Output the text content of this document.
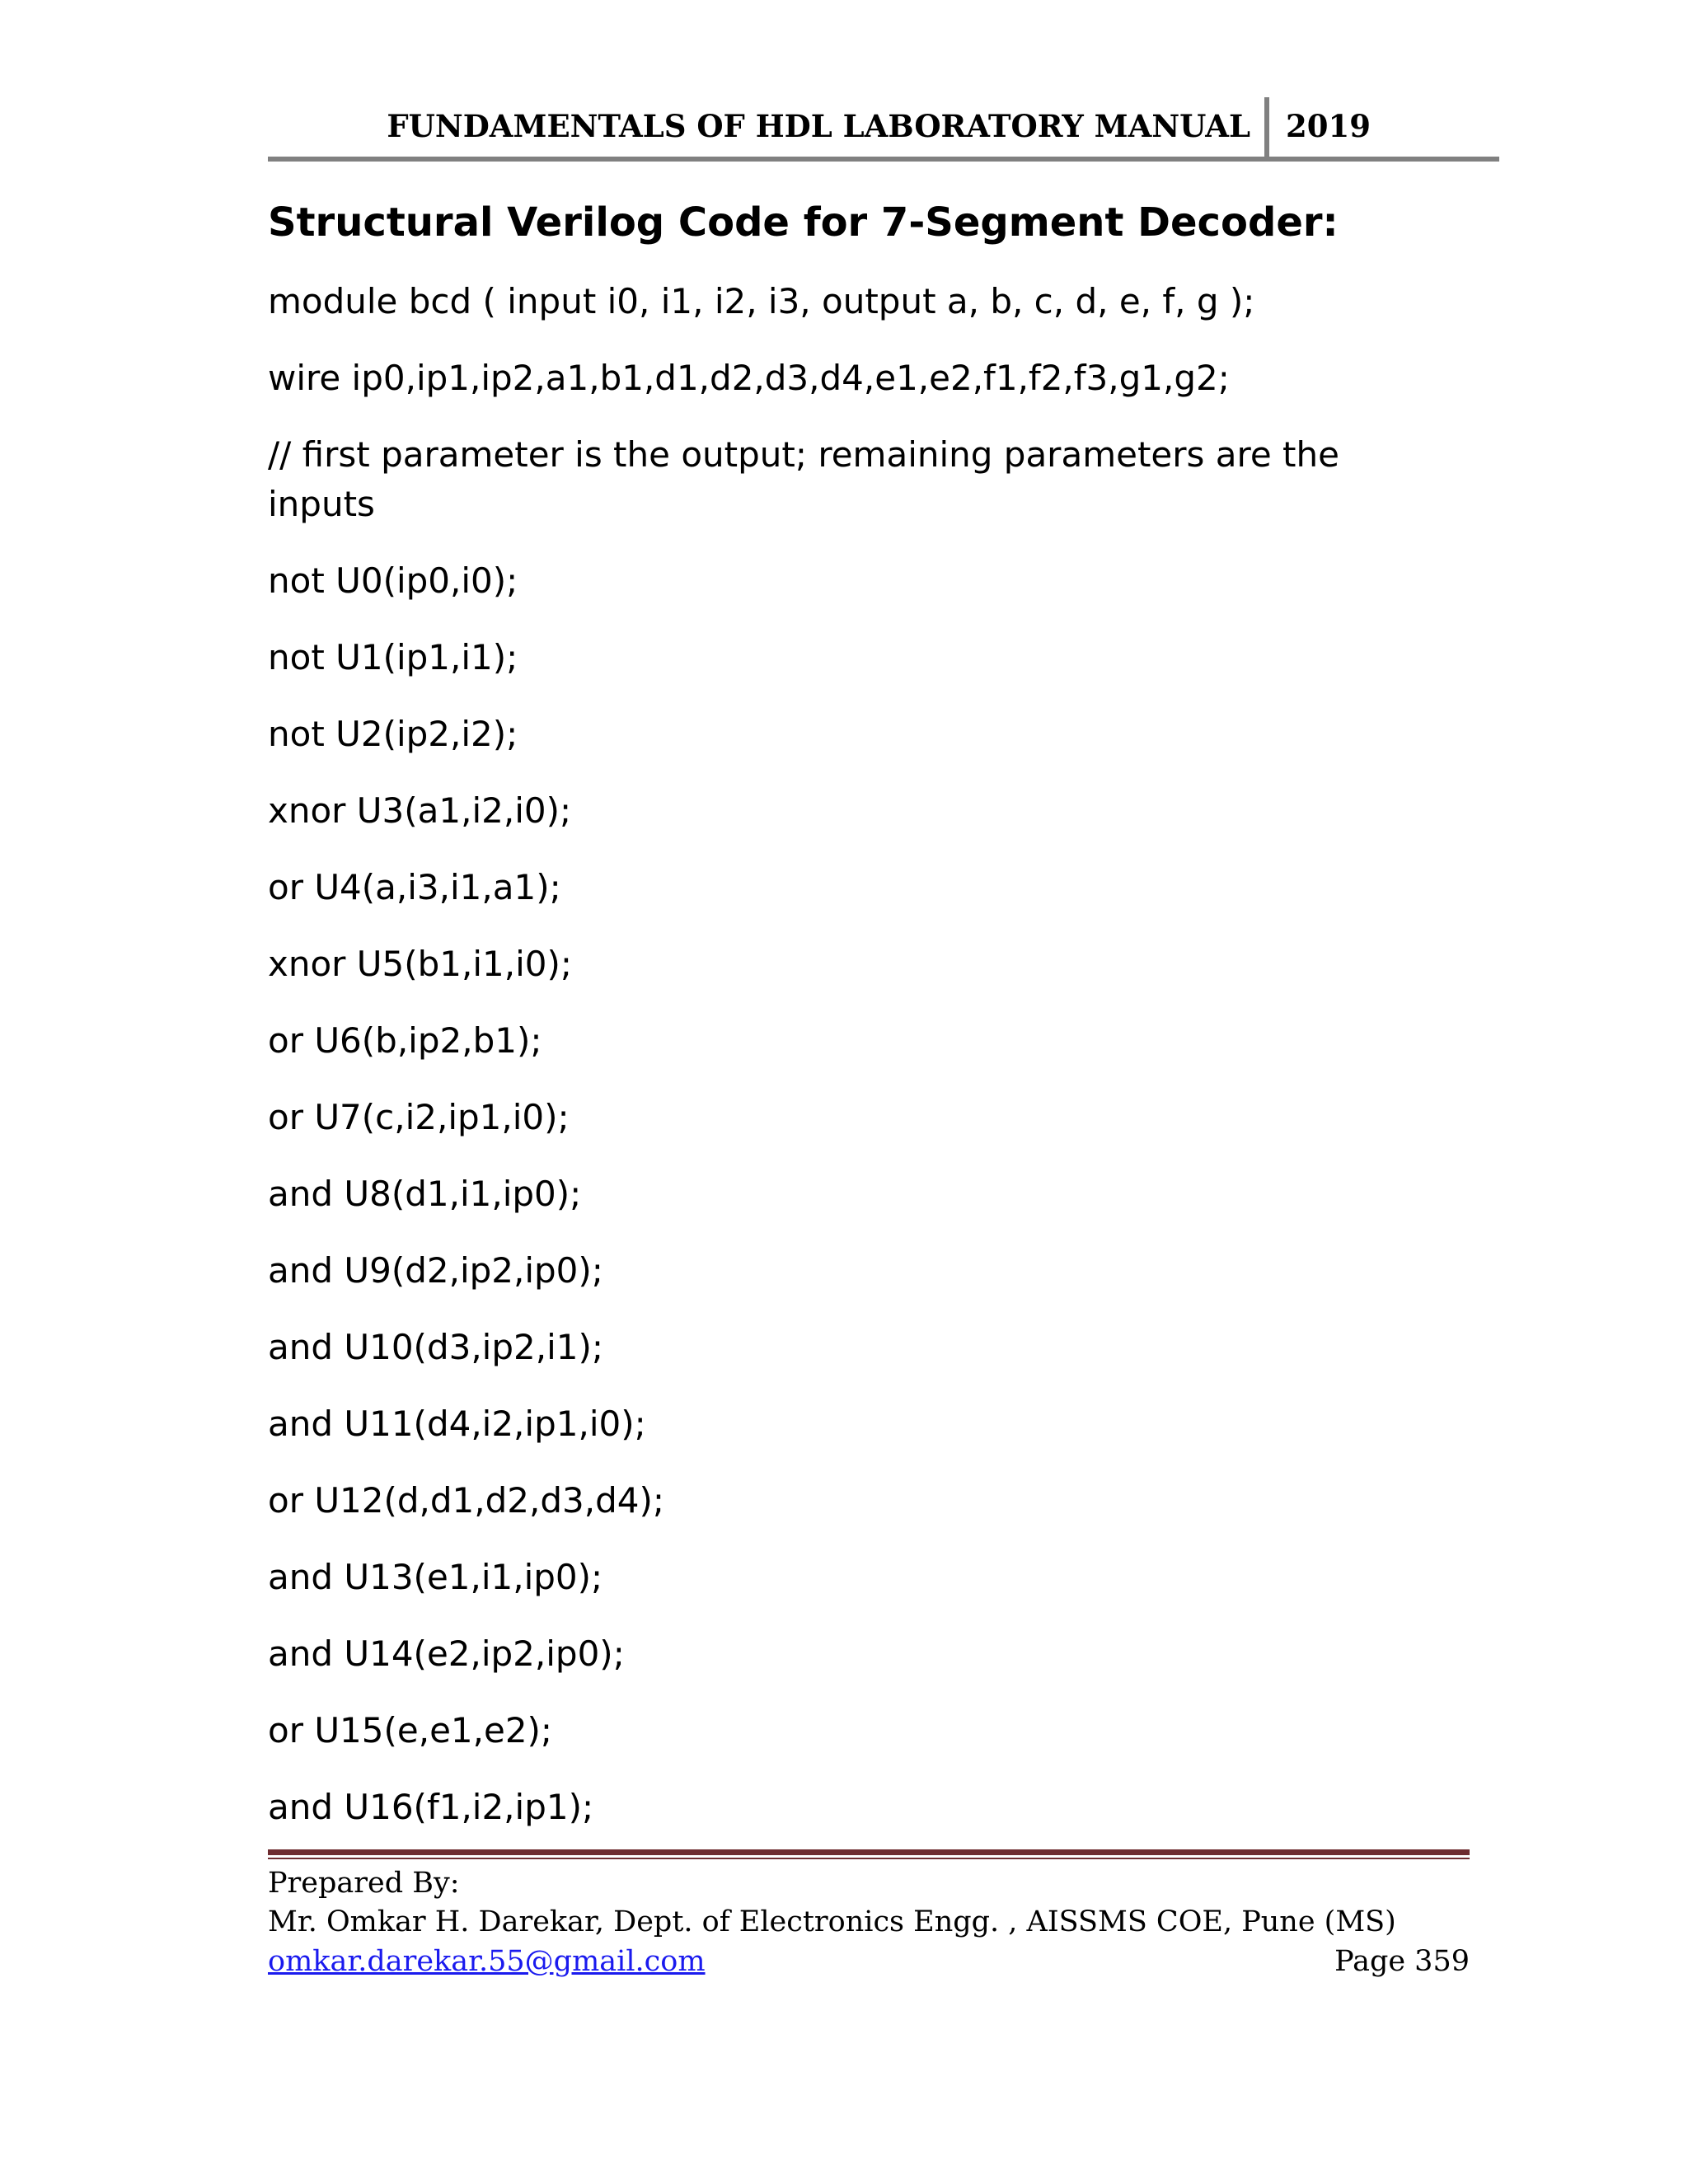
FUNDAMENTALS OF HDL LABORATORY MANUAL 2019
Structural Verilog Code for 7-Segment Decoder:
module bcd ( input i0, i1, i2, i3, output a, b, c, d, e, f, g );
wire ip0,ip1,ip2,a1,b1,d1,d2,d3,d4,e1,e2,f1,f2,f3,g1,g2;
// first parameter is the output; remaining parameters are the
inputs
not U0(ip0,i0);
not U1(ip1,i1);
not U2(ip2,i2);
xnor U3(a1,i2,i0);
or U4(a,i3,i1,a1);
xnor U5(b1,i1,i0);
or U6(b,ip2,b1);
or U7(c,i2,ip1,i0);
and U8(d1,i1,ip0);
and U9(d2,ip2,ip0);
and U10(d3,ip2,i1);
and U11(d4,i2,ip1,i0);
or U12(d,d1,d2,d3,d4);
and U13(e1,i1,ip0);
and U14(e2,ip2,ip0);
or U15(e,e1,e2);
and U16(f1,i2,ip1);
Prepared By:
Mr. Omkar H. Darekar, Dept. of Electronics Engg. , AISSMS COE, Pune (MS)
omkar.darekar.55@gmail.com	Page 359
